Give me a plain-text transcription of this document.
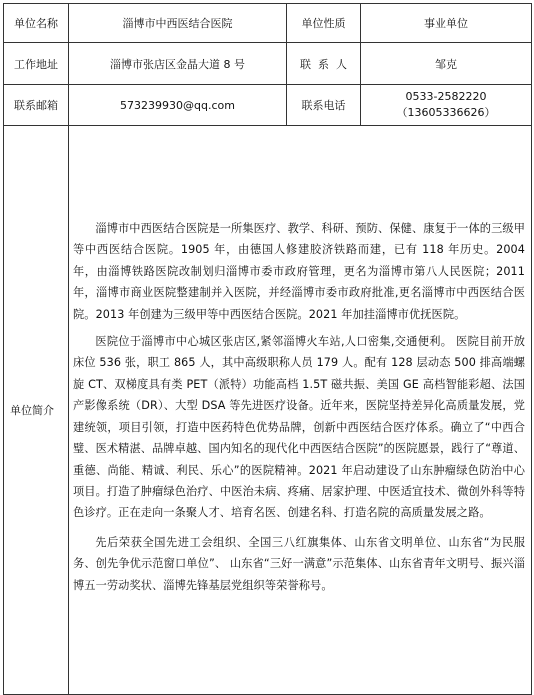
单位名称	淄博市中西医结合医院	单位性质	事业单位
工作地址	淄博市张店区金晶大道 8 号	联  系  人	邹克
联系邮箱	573239930@qq.com	联系电话	0533-2582220
（13605336626）

单位简介	淄博市中西医结合医院是一所集医疗、教学、科研、预防、保健、康复于一体的三级甲等中西医结合医院。1905 年，由德国人修建胶济铁路而建，已有 118 年历史。2004 年，由淄博铁路医院改制划归淄博市委市政府管理，更名为淄博市第八人民医院；2011 年，淄博市商业医院整建制并入医院，并经淄博市委市政府批准,更名淄博市中西医结合医院。2013 年创建为三级甲等中西医结合医院。2021 年加挂淄博市优抚医院。

医院位于淄博市中心城区张店区,紧邻淄博火车站,人口密集,交通便利。 医院目前开放床位 536 张，职工 865 人，其中高级职称人员 179 人。配有 128 层动态 500 排高端螺旋 CT、双梯度具有类 PET（派特）功能高档 1.5T 磁共振、美国 GE 高档智能彩超、法国产影像系统（DR）、大型 DSA 等先进医疗设备。近年来，医院坚持差异化高质量发展，党建统领，项目引领，打造中医药特色优势品牌，创新中西医结合医疗体系。确立了“中西合璧、医术精湛、品牌卓越、国内知名的现代化中西医结合医院”的医院愿景，践行了“尊道、重德、尚能、精诚、利民、乐心”的医院精神。2021 年启动建设了山东肿瘤绿色防治中心项目。打造了肿瘤绿色治疗、中医治未病、疼痛、居家护理、中医适宜技术、微创外科等特色诊疗。正在走向一条聚人才、培育名医、创建名科、打造名院的高质量发展之路。

先后荣获全国先进工会组织、全国三八红旗集体、山东省文明单位、山东省“为民服务、创先争优示范窗口单位”、 山东省“三好一满意”示范集体、山东省青年文明号、振兴淄博五一劳动奖状、淄博先锋基层党组织等荣誉称号。		
